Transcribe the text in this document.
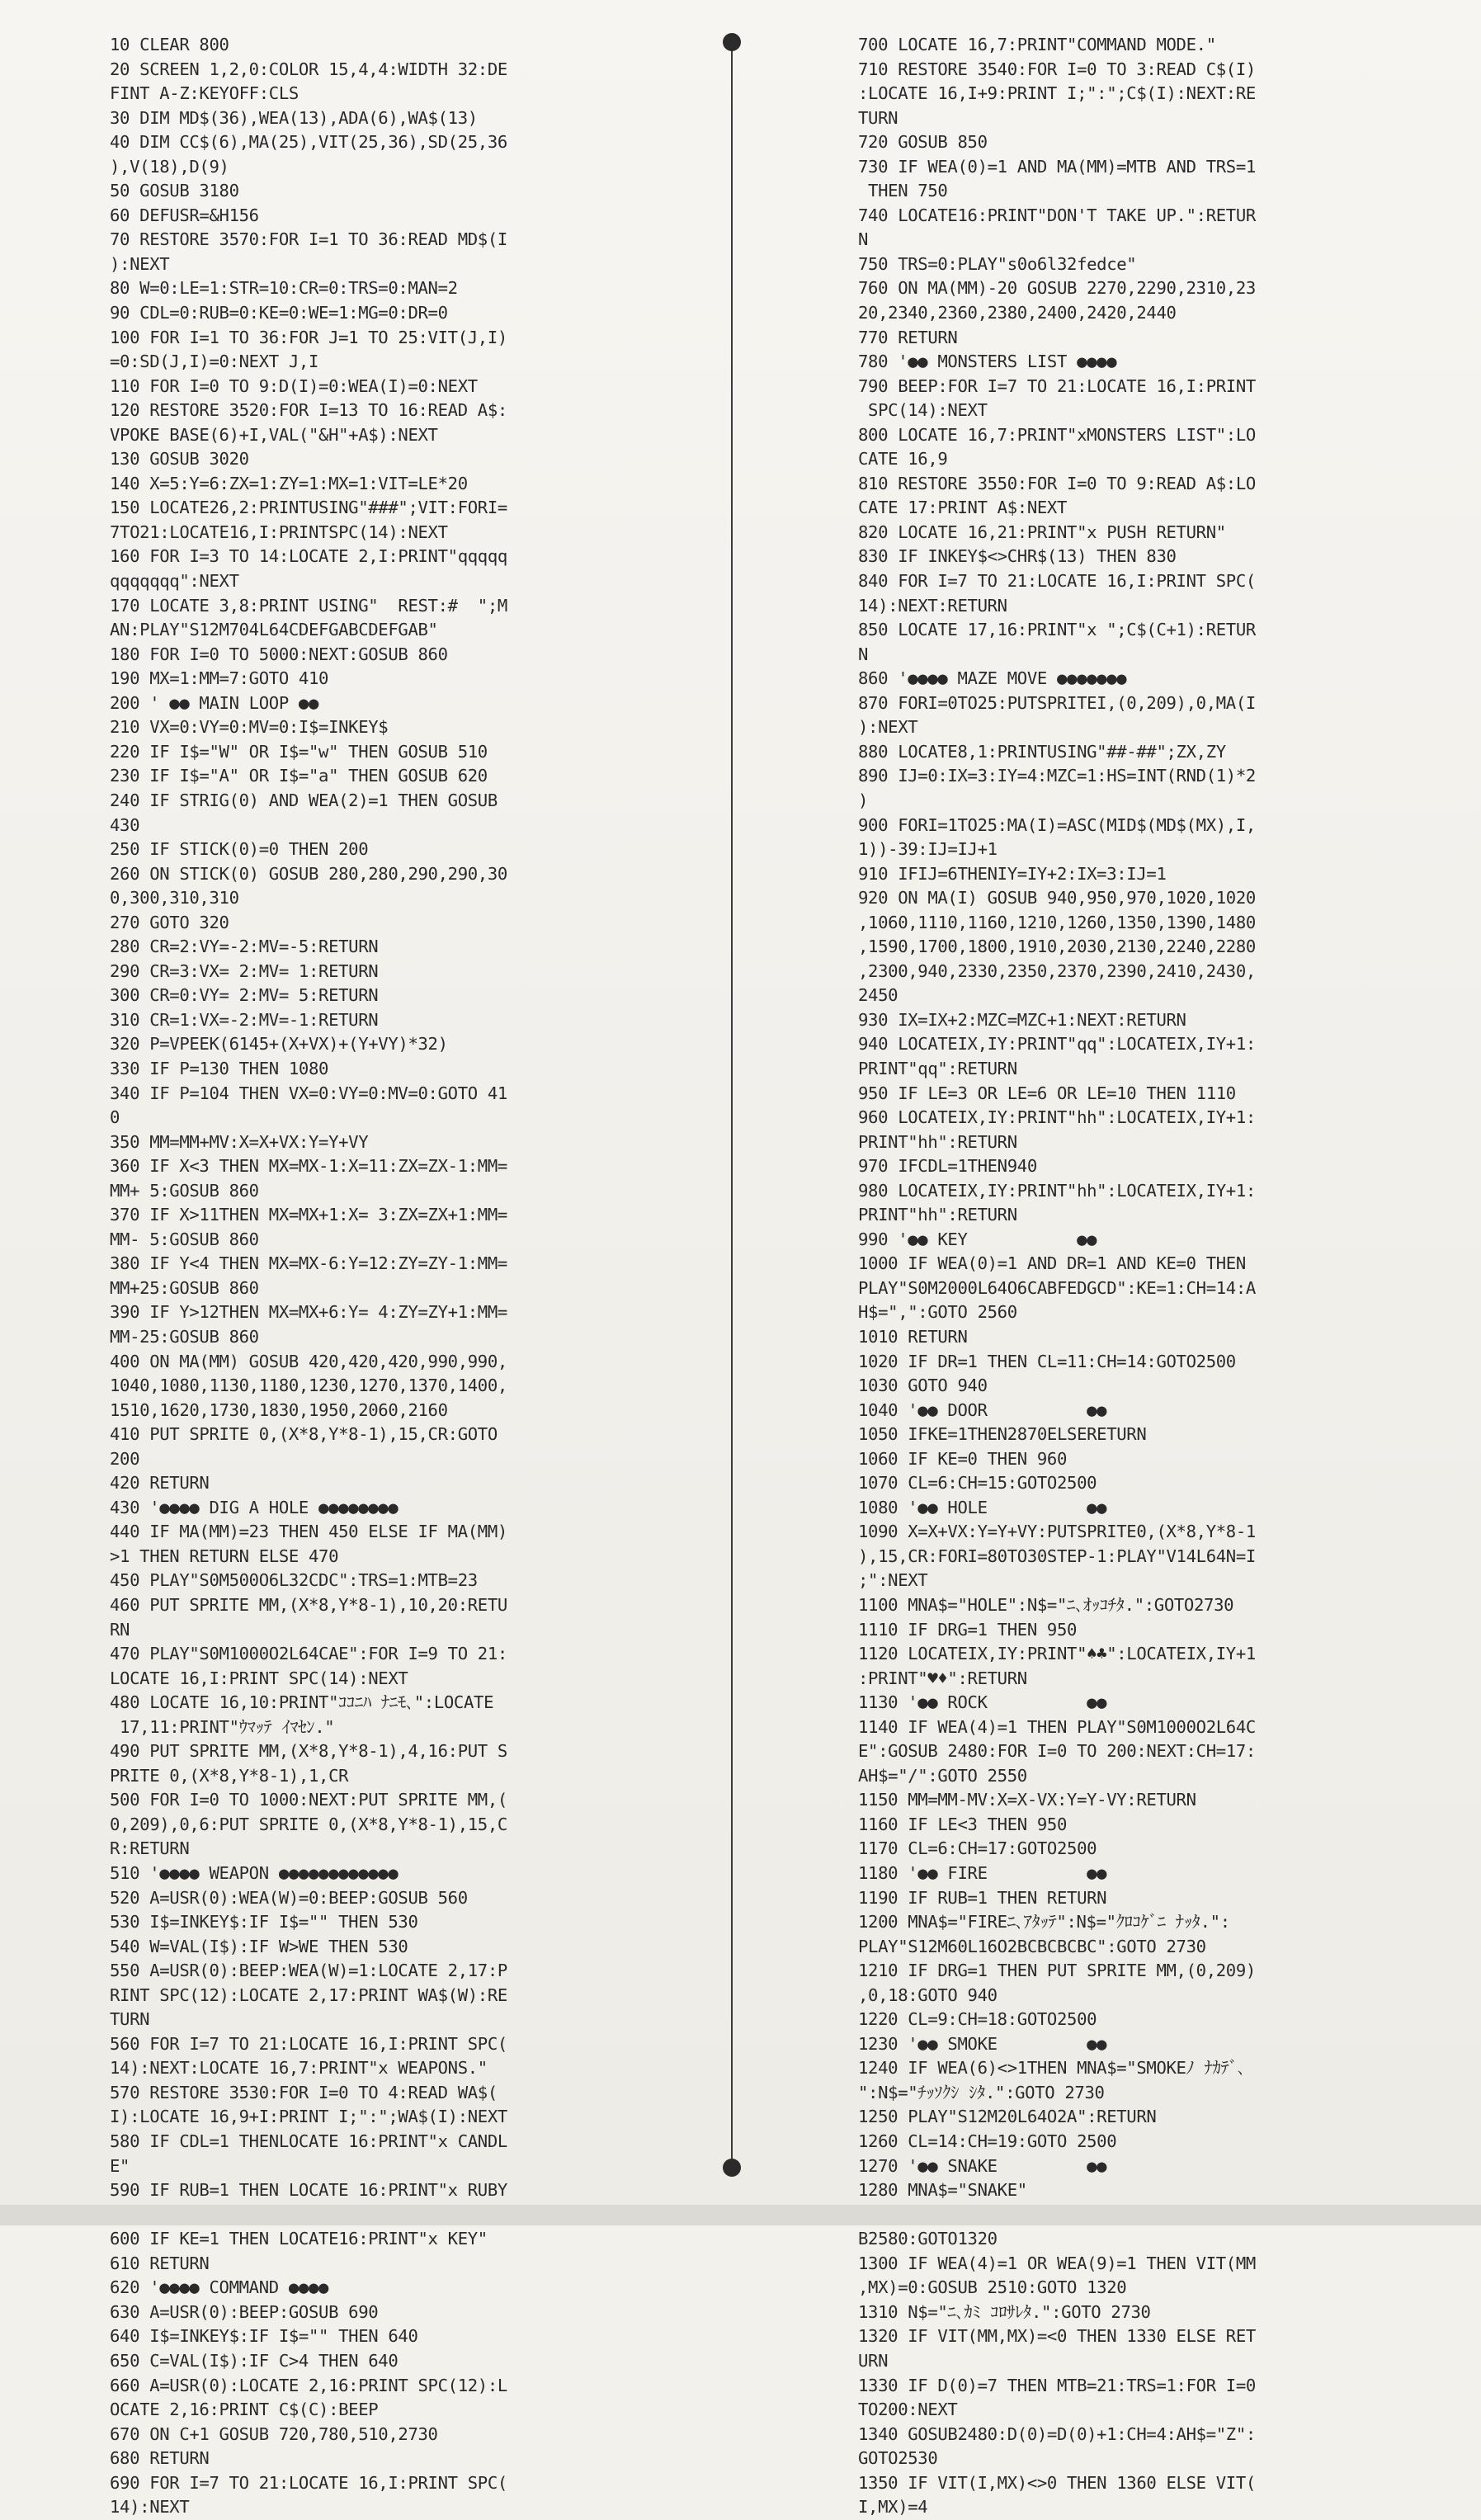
10 CLEAR 800
20 SCREEN 1,2,0:COLOR 15,4,4:WIDTH 32:DE
FINT A-Z:KEYOFF:CLS
30 DIM MD$(36),WEA(13),ADA(6),WA$(13)
40 DIM CC$(6),MA(25),VIT(25,36),SD(25,36
),V(18),D(9)
50 GOSUB 3180
60 DEFUSR=&H156
70 RESTORE 3570:FOR I=1 TO 36:READ MD$(I
):NEXT
80 W=0:LE=1:STR=10:CR=0:TRS=0:MAN=2
90 CDL=0:RUB=0:KE=0:WE=1:MG=0:DR=0
100 FOR I=1 TO 36:FOR J=1 TO 25:VIT(J,I)
=0:SD(J,I)=0:NEXT J,I
110 FOR I=0 TO 9:D(I)=0:WEA(I)=0:NEXT
120 RESTORE 3520:FOR I=13 TO 16:READ A$:
VPOKE BASE(6)+I,VAL("&H"+A$):NEXT
130 GOSUB 3020
140 X=5:Y=6:ZX=1:ZY=1:MX=1:VIT=LE*20
150 LOCATE26,2:PRINTUSING"###";VIT:FORI=
7TO21:LOCATE16,I:PRINTSPC(14):NEXT
160 FOR I=3 TO 14:LOCATE 2,I:PRINT"qqqqq
qqqqqqq":NEXT
170 LOCATE 3,8:PRINT USING"  REST:#  ";M
AN:PLAY"S12M704L64CDEFGABCDEFGAB"
180 FOR I=0 TO 5000:NEXT:GOSUB 860
190 MX=1:MM=7:GOTO 410
200 ' ●● MAIN LOOP ●●
210 VX=0:VY=0:MV=0:I$=INKEY$
220 IF I$="W" OR I$="w" THEN GOSUB 510
230 IF I$="A" OR I$="a" THEN GOSUB 620
240 IF STRIG(0) AND WEA(2)=1 THEN GOSUB
430
250 IF STICK(0)=0 THEN 200
260 ON STICK(0) GOSUB 280,280,290,290,30
0,300,310,310
270 GOTO 320
280 CR=2:VY=-2:MV=-5:RETURN
290 CR=3:VX= 2:MV= 1:RETURN
300 CR=0:VY= 2:MV= 5:RETURN
310 CR=1:VX=-2:MV=-1:RETURN
320 P=VPEEK(6145+(X+VX)+(Y+VY)*32)
330 IF P=130 THEN 1080
340 IF P=104 THEN VX=0:VY=0:MV=0:GOTO 41
0
350 MM=MM+MV:X=X+VX:Y=Y+VY
360 IF X<3 THEN MX=MX-1:X=11:ZX=ZX-1:MM=
MM+ 5:GOSUB 860
370 IF X>11THEN MX=MX+1:X= 3:ZX=ZX+1:MM=
MM- 5:GOSUB 860
380 IF Y<4 THEN MX=MX-6:Y=12:ZY=ZY-1:MM=
MM+25:GOSUB 860
390 IF Y>12THEN MX=MX+6:Y= 4:ZY=ZY+1:MM=
MM-25:GOSUB 860
400 ON MA(MM) GOSUB 420,420,420,990,990,
1040,1080,1130,1180,1230,1270,1370,1400,
1510,1620,1730,1830,1950,2060,2160
410 PUT SPRITE 0,(X*8,Y*8-1),15,CR:GOTO
200
420 RETURN
430 '●●●● DIG A HOLE ●●●●●●●●
440 IF MA(MM)=23 THEN 450 ELSE IF MA(MM)
>1 THEN RETURN ELSE 470
450 PLAY"S0M500O6L32CDC":TRS=1:MTB=23
460 PUT SPRITE MM,(X*8,Y*8-1),10,20:RETU
RN
470 PLAY"S0M1000O2L64CAE":FOR I=9 TO 21:
LOCATE 16,I:PRINT SPC(14):NEXT
480 LOCATE 16,10:PRINT"ｺｺﾆﾊ ﾅﾆﾓ､":LOCATE
17,11:PRINT"ｳﾏｯﾃ ｲﾏｾﾝ."
490 PUT SPRITE MM,(X*8,Y*8-1),4,16:PUT S
PRITE 0,(X*8,Y*8-1),1,CR
500 FOR I=0 TO 1000:NEXT:PUT SPRITE MM,(
0,209),0,6:PUT SPRITE 0,(X*8,Y*8-1),15,C
R:RETURN
510 '●●●● WEAPON ●●●●●●●●●●●●
520 A=USR(0):WEA(W)=0:BEEP:GOSUB 560
530 I$=INKEY$:IF I$="" THEN 530
540 W=VAL(I$):IF W>WE THEN 530
550 A=USR(0):BEEP:WEA(W)=1:LOCATE 2,17:P
RINT SPC(12):LOCATE 2,17:PRINT WA$(W):RE
TURN
560 FOR I=7 TO 21:LOCATE 16,I:PRINT SPC(
14):NEXT:LOCATE 16,7:PRINT"x WEAPONS."
570 RESTORE 3530:FOR I=0 TO 4:READ WA$(
I):LOCATE 16,9+I:PRINT I;":";WA$(I):NEXT
580 IF CDL=1 THENLOCATE 16:PRINT"x CANDL
E"
590 IF RUB=1 THEN LOCATE 16:PRINT"x RUBY
600 IF KE=1 THEN LOCATE16:PRINT"x KEY"
610 RETURN
620 '●●●● COMMAND ●●●●
630 A=USR(0):BEEP:GOSUB 690
640 I$=INKEY$:IF I$="" THEN 640
650 C=VAL(I$):IF C>4 THEN 640
660 A=USR(0):LOCATE 2,16:PRINT SPC(12):L
OCATE 2,16:PRINT C$(C):BEEP
670 ON C+1 GOSUB 720,780,510,2730
680 RETURN
690 FOR I=7 TO 21:LOCATE 16,I:PRINT SPC(
14):NEXT
700 LOCATE 16,7:PRINT"COMMAND MODE."
710 RESTORE 3540:FOR I=0 TO 3:READ C$(I)
:LOCATE 16,I+9:PRINT I;":";C$(I):NEXT:RE
TURN
720 GOSUB 850
730 IF WEA(0)=1 AND MA(MM)=MTB AND TRS=1
THEN 750
740 LOCATE16:PRINT"DON'T TAKE UP.":RETUR
N
750 TRS=0:PLAY"s0o6l32fedce"
760 ON MA(MM)-20 GOSUB 2270,2290,2310,23
20,2340,2360,2380,2400,2420,2440
770 RETURN
780 '●● MONSTERS LIST ●●●●
790 BEEP:FOR I=7 TO 21:LOCATE 16,I:PRINT
SPC(14):NEXT
800 LOCATE 16,7:PRINT"xMONSTERS LIST":LO
CATE 16,9
810 RESTORE 3550:FOR I=0 TO 9:READ A$:LO
CATE 17:PRINT A$:NEXT
820 LOCATE 16,21:PRINT"x PUSH RETURN"
830 IF INKEY$<>CHR$(13) THEN 830
840 FOR I=7 TO 21:LOCATE 16,I:PRINT SPC(
14):NEXT:RETURN
850 LOCATE 17,16:PRINT"x ";C$(C+1):RETUR
N
860 '●●●● MAZE MOVE ●●●●●●●
870 FORI=0TO25:PUTSPRITEI,(0,209),0,MA(I
):NEXT
880 LOCATE8,1:PRINTUSING"##-##";ZX,ZY
890 IJ=0:IX=3:IY=4:MZC=1:HS=INT(RND(1)*2
)
900 FORI=1TO25:MA(I)=ASC(MID$(MD$(MX),I,
1))-39:IJ=IJ+1
910 IFIJ=6THENIY=IY+2:IX=3:IJ=1
920 ON MA(I) GOSUB 940,950,970,1020,1020
,1060,1110,1160,1210,1260,1350,1390,1480
,1590,1700,1800,1910,2030,2130,2240,2280
,2300,940,2330,2350,2370,2390,2410,2430,
2450
930 IX=IX+2:MZC=MZC+1:NEXT:RETURN
940 LOCATEIX,IY:PRINT"qq":LOCATEIX,IY+1:
PRINT"qq":RETURN
950 IF LE=3 OR LE=6 OR LE=10 THEN 1110
960 LOCATEIX,IY:PRINT"hh":LOCATEIX,IY+1:
PRINT"hh":RETURN
970 IFCDL=1THEN940
980 LOCATEIX,IY:PRINT"hh":LOCATEIX,IY+1:
PRINT"hh":RETURN
990 '●● KEY           ●●
1000 IF WEA(0)=1 AND DR=1 AND KE=0 THEN
PLAY"S0M2000L64O6CABFEDGCD":KE=1:CH=14:A
H$=",":GOTO 2560
1010 RETURN
1020 IF DR=1 THEN CL=11:CH=14:GOTO2500
1030 GOTO 940
1040 '●● DOOR          ●●
1050 IFKE=1THEN2870ELSERETURN
1060 IF KE=0 THEN 960
1070 CL=6:CH=15:GOTO2500
1080 '●● HOLE          ●●
1090 X=X+VX:Y=Y+VY:PUTSPRITE0,(X*8,Y*8-1
),15,CR:FORI=80TO30STEP-1:PLAY"V14L64N=I
;":NEXT
1100 MNA$="HOLE":N$="ﾆ､ｵｯｺﾁﾀ.":GOTO2730
1110 IF DRG=1 THEN 950
1120 LOCATEIX,IY:PRINT"♠♣":LOCATEIX,IY+1
:PRINT"♥♦":RETURN
1130 '●● ROCK          ●●
1140 IF WEA(4)=1 THEN PLAY"S0M1000O2L64C
E":GOSUB 2480:FOR I=0 TO 200:NEXT:CH=17:
AH$="/":GOTO 2550
1150 MM=MM-MV:X=X-VX:Y=Y-VY:RETURN
1160 IF LE<3 THEN 950
1170 CL=6:CH=17:GOTO2500
1180 '●● FIRE          ●●
1190 IF RUB=1 THEN RETURN
1200 MNA$="FIREﾆ､ｱﾀｯﾃ":N$="ｸﾛｺｹﾞﾆ ﾅｯﾀ.":
PLAY"S12M60L16O2BCBCBCBC":GOTO 2730
1210 IF DRG=1 THEN PUT SPRITE MM,(0,209)
,0,18:GOTO 940
1220 CL=9:CH=18:GOTO2500
1230 '●● SMOKE         ●●
1240 IF WEA(6)<>1THEN MNA$="SMOKEﾉ ﾅｶﾃﾞ､
":N$="ﾁｯｿｸｼ ｼﾀ.":GOTO 2730
1250 PLAY"S12M20L64O2A":RETURN
1260 CL=14:CH=19:GOTO 2500
1270 '●● SNAKE         ●●
1280 MNA$="SNAKE"
B2580:GOTO1320
1300 IF WEA(4)=1 OR WEA(9)=1 THEN VIT(MM
,MX)=0:GOSUB 2510:GOTO 1320
1310 N$="ﾆ､ｶﾐ ｺﾛｻﾚﾀ.":GOTO 2730
1320 IF VIT(MM,MX)=<0 THEN 1330 ELSE RET
URN
1330 IF D(0)=7 THEN MTB=21:TRS=1:FOR I=0
TO200:NEXT
1340 GOSUB2480:D(0)=D(0)+1:CH=4:AH$="Z":
GOTO2530
1350 IF VIT(I,MX)<>0 THEN 1360 ELSE VIT(
I,MX)=4
